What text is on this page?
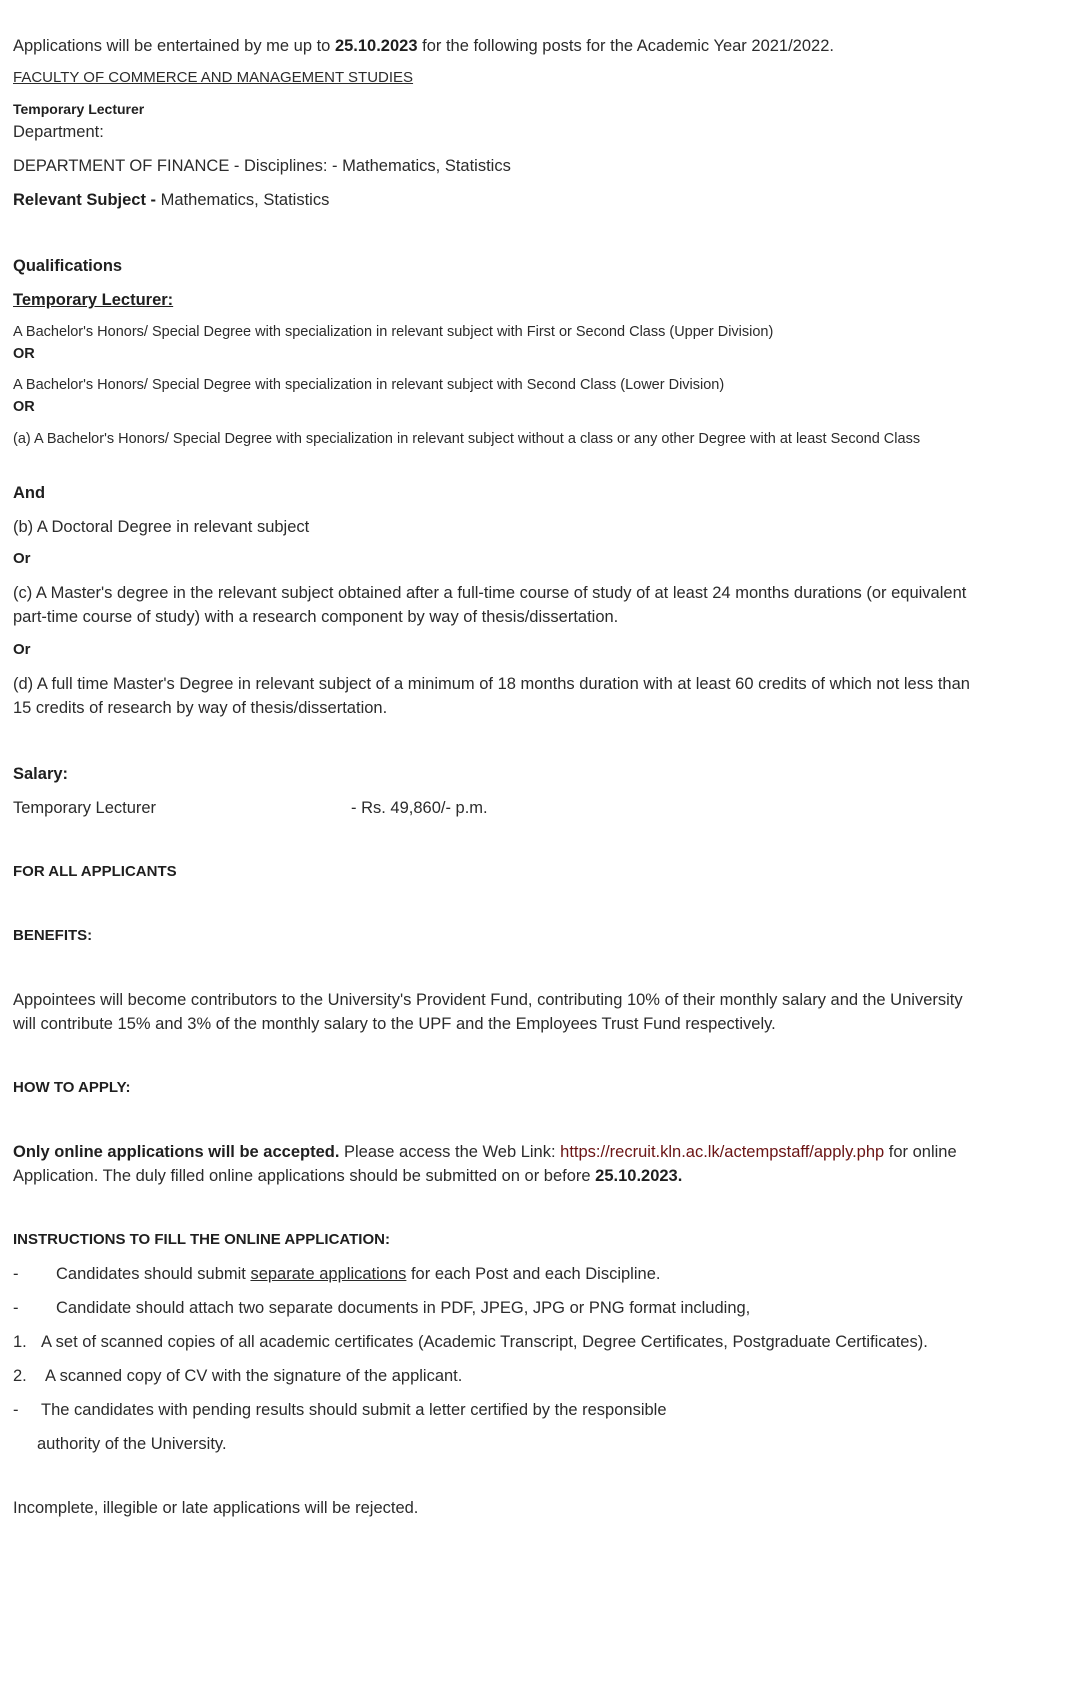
Applications will be entertained by me up to 25.10.2023 for the following posts for the Academic Year 2021/2022.

FACULTY OF COMMERCE AND MANAGEMENT STUDIES

Temporary Lecturer

Department:

DEPARTMENT OF FINANCE - Disciplines: - Mathematics, Statistics

Relevant Subject - Mathematics, Statistics

Qualifications

Temporary Lecturer:

A Bachelor's Honors/ Special Degree with specialization in relevant subject with First or Second Class (Upper Division)

OR

A Bachelor's Honors/ Special Degree with specialization in relevant subject with Second Class (Lower Division)

OR

(a) A Bachelor's Honors/ Special Degree with specialization in relevant subject without a class or any other Degree with at least Second Class

And

(b) A Doctoral Degree in relevant subject

Or

(c) A Master's degree in the relevant subject obtained after a full-time course of study of at least 24 months durations (or equivalent part-time course of study) with a research component by way of thesis/dissertation.

Or

(d) A full time Master's Degree in relevant subject of a minimum of 18 months duration with at least 60 credits of which not less than 15 credits of research by way of thesis/dissertation.

Salary:

Temporary Lecturer	- Rs. 49,860/- p.m.

FOR ALL APPLICANTS

BENEFITS:

Appointees will become contributors to the University's Provident Fund, contributing 10% of their monthly salary and the University will contribute 15% and 3% of the monthly salary to the UPF and the Employees Trust Fund respectively.

HOW TO APPLY:

Only online applications will be accepted. Please access the Web Link: https://recruit.kln.ac.lk/actempstaff/apply.php for online Application. The duly filled online applications should be submitted on or before 25.10.2023.

INSTRUCTIONS TO FILL THE ONLINE APPLICATION:

-	Candidates should submit separate applications for each Post and each Discipline.
-	Candidate should attach two separate documents in PDF, JPEG, JPG or PNG format including,

1. A set of scanned copies of all academic certificates (Academic Transcript, Degree Certificates, Postgraduate Certificates).

2. A scanned copy of CV with the signature of the applicant.

-	The candidates with pending results should submit a letter certified by the responsible

authority of the University.

Incomplete, illegible or late applications will be rejected.
